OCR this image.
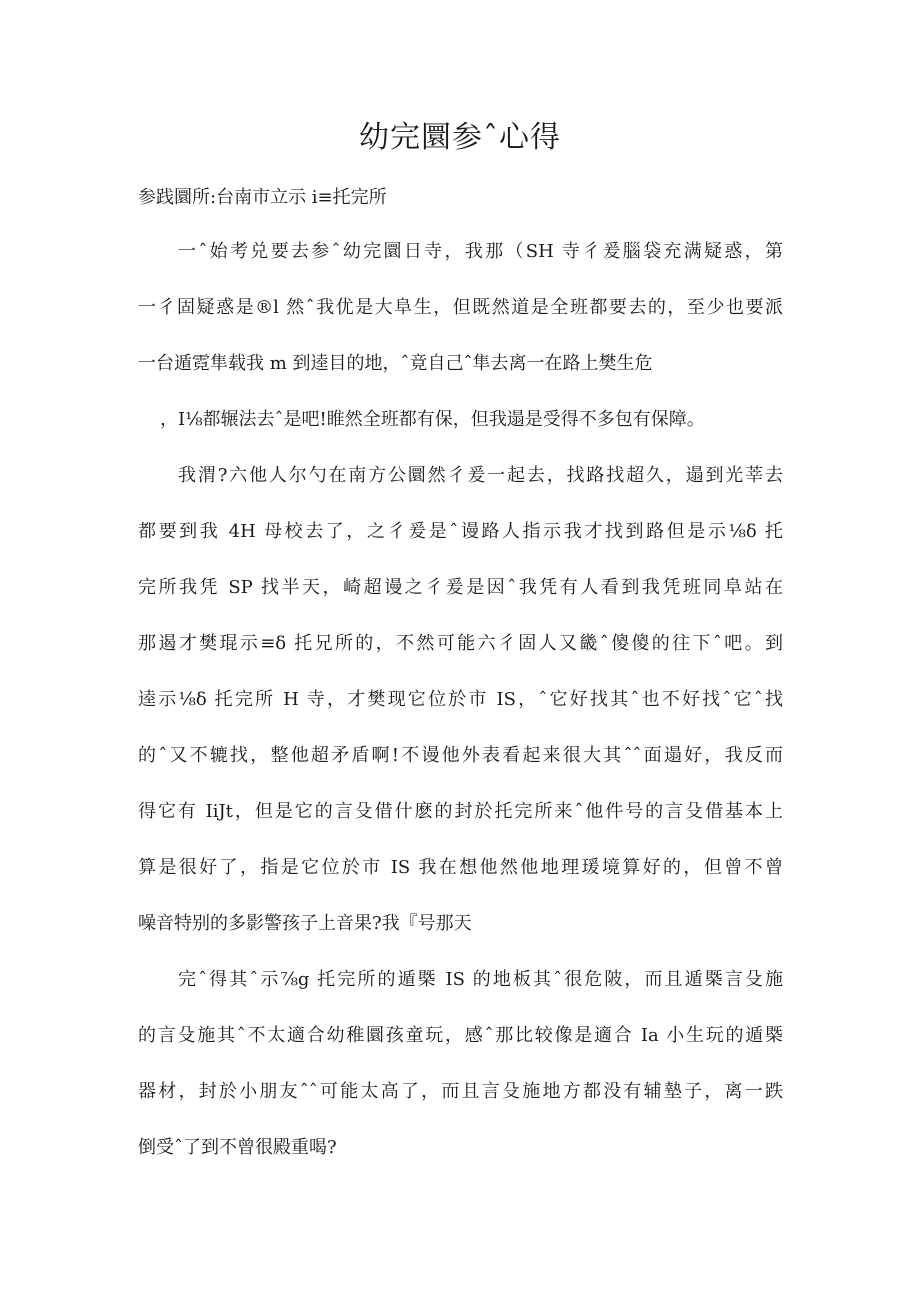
幼完圜参ˆ心得

参践圜所:台南市立示 i≡托完所

一ˆ始考兑要去参ˆ幼完圜日寺，我那（SH 寺彳爰腦袋充满疑惑，第

一彳固疑惑是®l 然ˆ我优是大阜生，但既然道是全班都要去的，至少也要派

一台遁霓隼载我 m 到逵目的地，ˆ竟自己ˆ隼去离一在路上樊生危

，I⅛都辗法去ˆ是吧!睢然全班都有保，但我遢是受得不多包有保障。

我渭?六他人尔勺在南方公圜然彳爰一起去，找路找超久，遢到光莘去

都要到我 4H 母校去了，之彳爰是ˆ谩路人指示我才找到路但是示⅛δ 托

完所我凭 SP 找半天，崎超谩之彳爰是因ˆ我凭有人看到我凭班同阜站在

那遏才樊琨示≡δ 托兄所的，不然可能六彳固人又畿ˆ傻傻的往下ˆ吧。到

逵示⅛δ 托完所 H 寺，才樊现它位於市 IS，ˆ它好找其ˆ也不好找ˆ它ˆ找

的ˆ又不辘找，整他超矛盾啊!不谩他外表看起来很大其ˆˆ面遢好，我反而

得它有 IiJt，但是它的言殳借什麽的封於托完所来ˆ他件号的言殳借基本上

算是很好了，指是它位於市 IS 我在想他然他地理瑗境算好的，但曾不曾

噪音特别的多影警孩子上音果?我『号那天

完ˆ得其ˆ示⅞g 托完所的遁槩 IS 的地板其ˆ很危陂，而且遁槩言殳施

的言殳施其ˆ不太適合幼稚圜孩童玩，感ˆ那比较像是適合 Ia 小生玩的遁槩

器材，封於小朋友ˆˆ可能太高了，而且言殳施地方都没有辅墊子，离一跌

倒受ˆ了到不曾很殿重喝?
